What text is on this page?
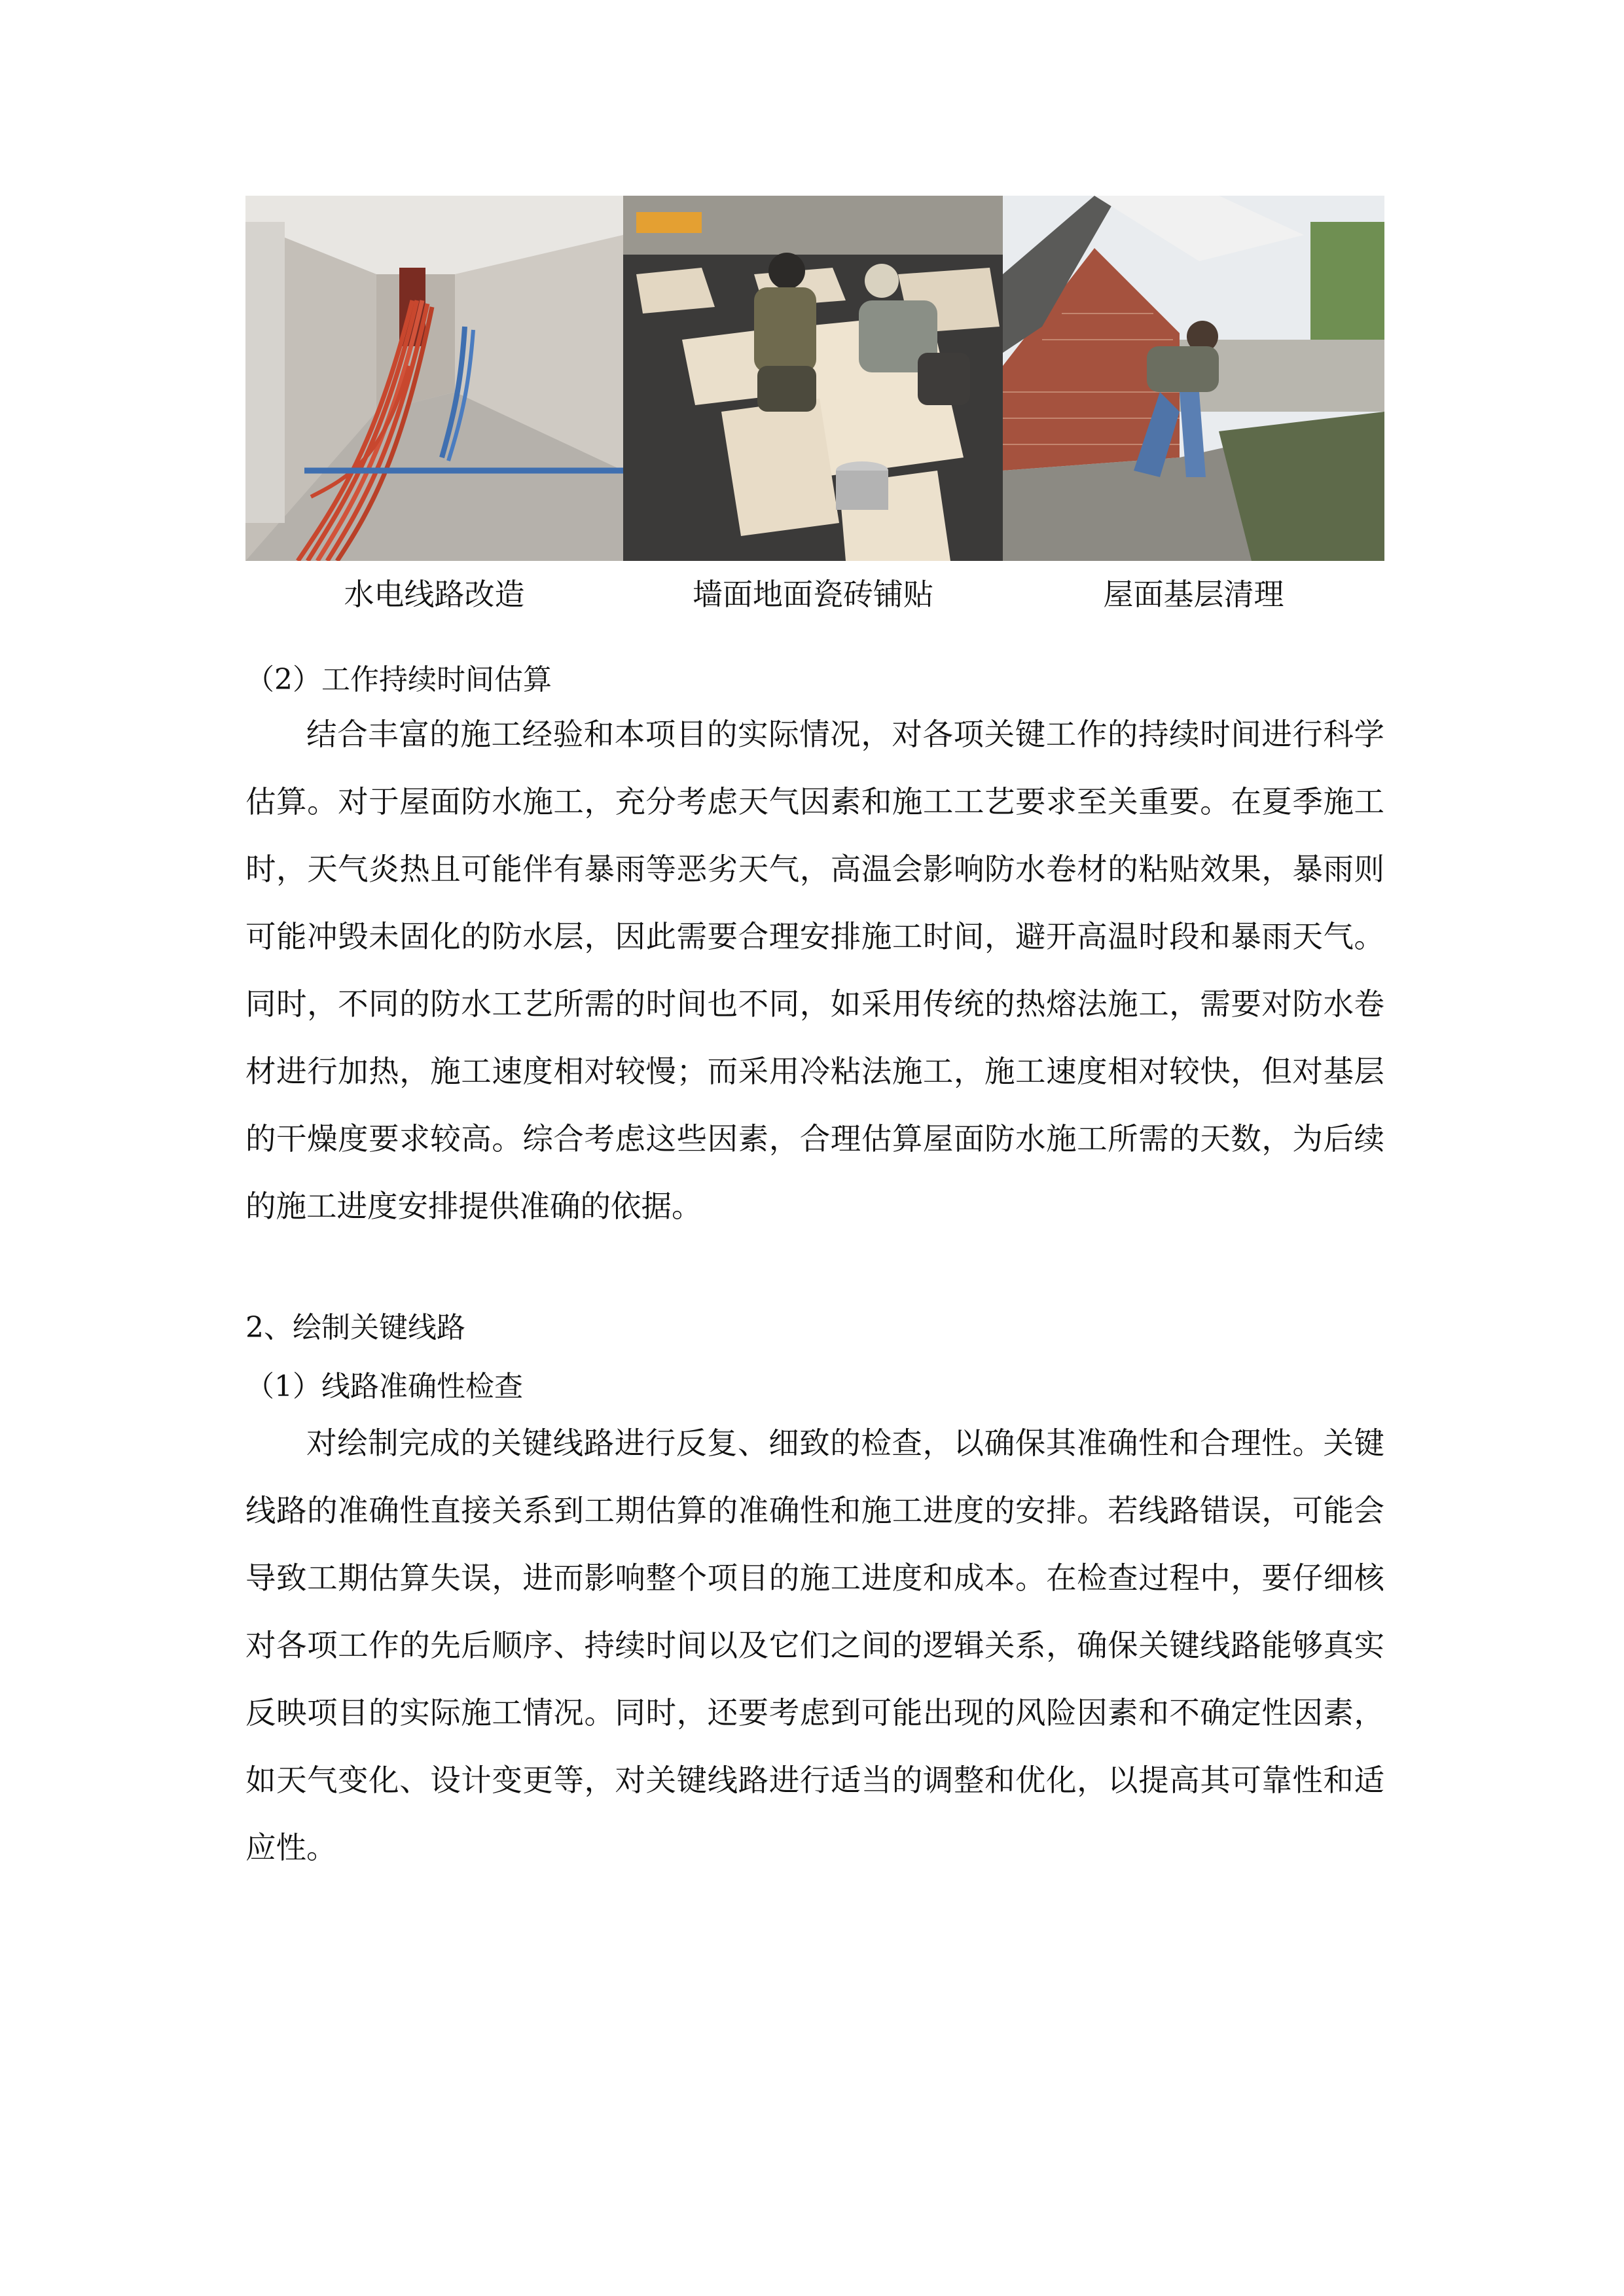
水电线路改造	墙面地面瓷砖铺贴	屋面基层清理
（2）工作持续时间估算

结合丰富的施工经验和本项目的实际情况，对各项关键工作的持续时间进行科学估算。对于屋面防水施工，充分考虑天气因素和施工工艺要求至关重要。在夏季施工时，天气炎热且可能伴有暴雨等恶劣天气，高温会影响防水卷材的粘贴效果，暴雨则可能冲毁未固化的防水层，因此需要合理安排施工时间，避开高温时段和暴雨天气。同时，不同的防水工艺所需的时间也不同，如采用传统的热熔法施工，需要对防水卷材进行加热，施工速度相对较慢；而采用冷粘法施工，施工速度相对较快，但对基层的干燥度要求较高。综合考虑这些因素，合理估算屋面防水施工所需的天数，为后续的施工进度安排提供准确的依据。

2、绘制关键线路
（1）线路准确性检查

对绘制完成的关键线路进行反复、细致的检查，以确保其准确性和合理性。关键线路的准确性直接关系到工期估算的准确性和施工进度的安排。若线路错误，可能会导致工期估算失误，进而影响整个项目的施工进度和成本。在检查过程中，要仔细核对各项工作的先后顺序、持续时间以及它们之间的逻辑关系，确保关键线路能够真实反映项目的实际施工情况。同时，还要考虑到可能出现的风险因素和不确定性因素，如天气变化、设计变更等，对关键线路进行适当的调整和优化，以提高其可靠性和适应性。
